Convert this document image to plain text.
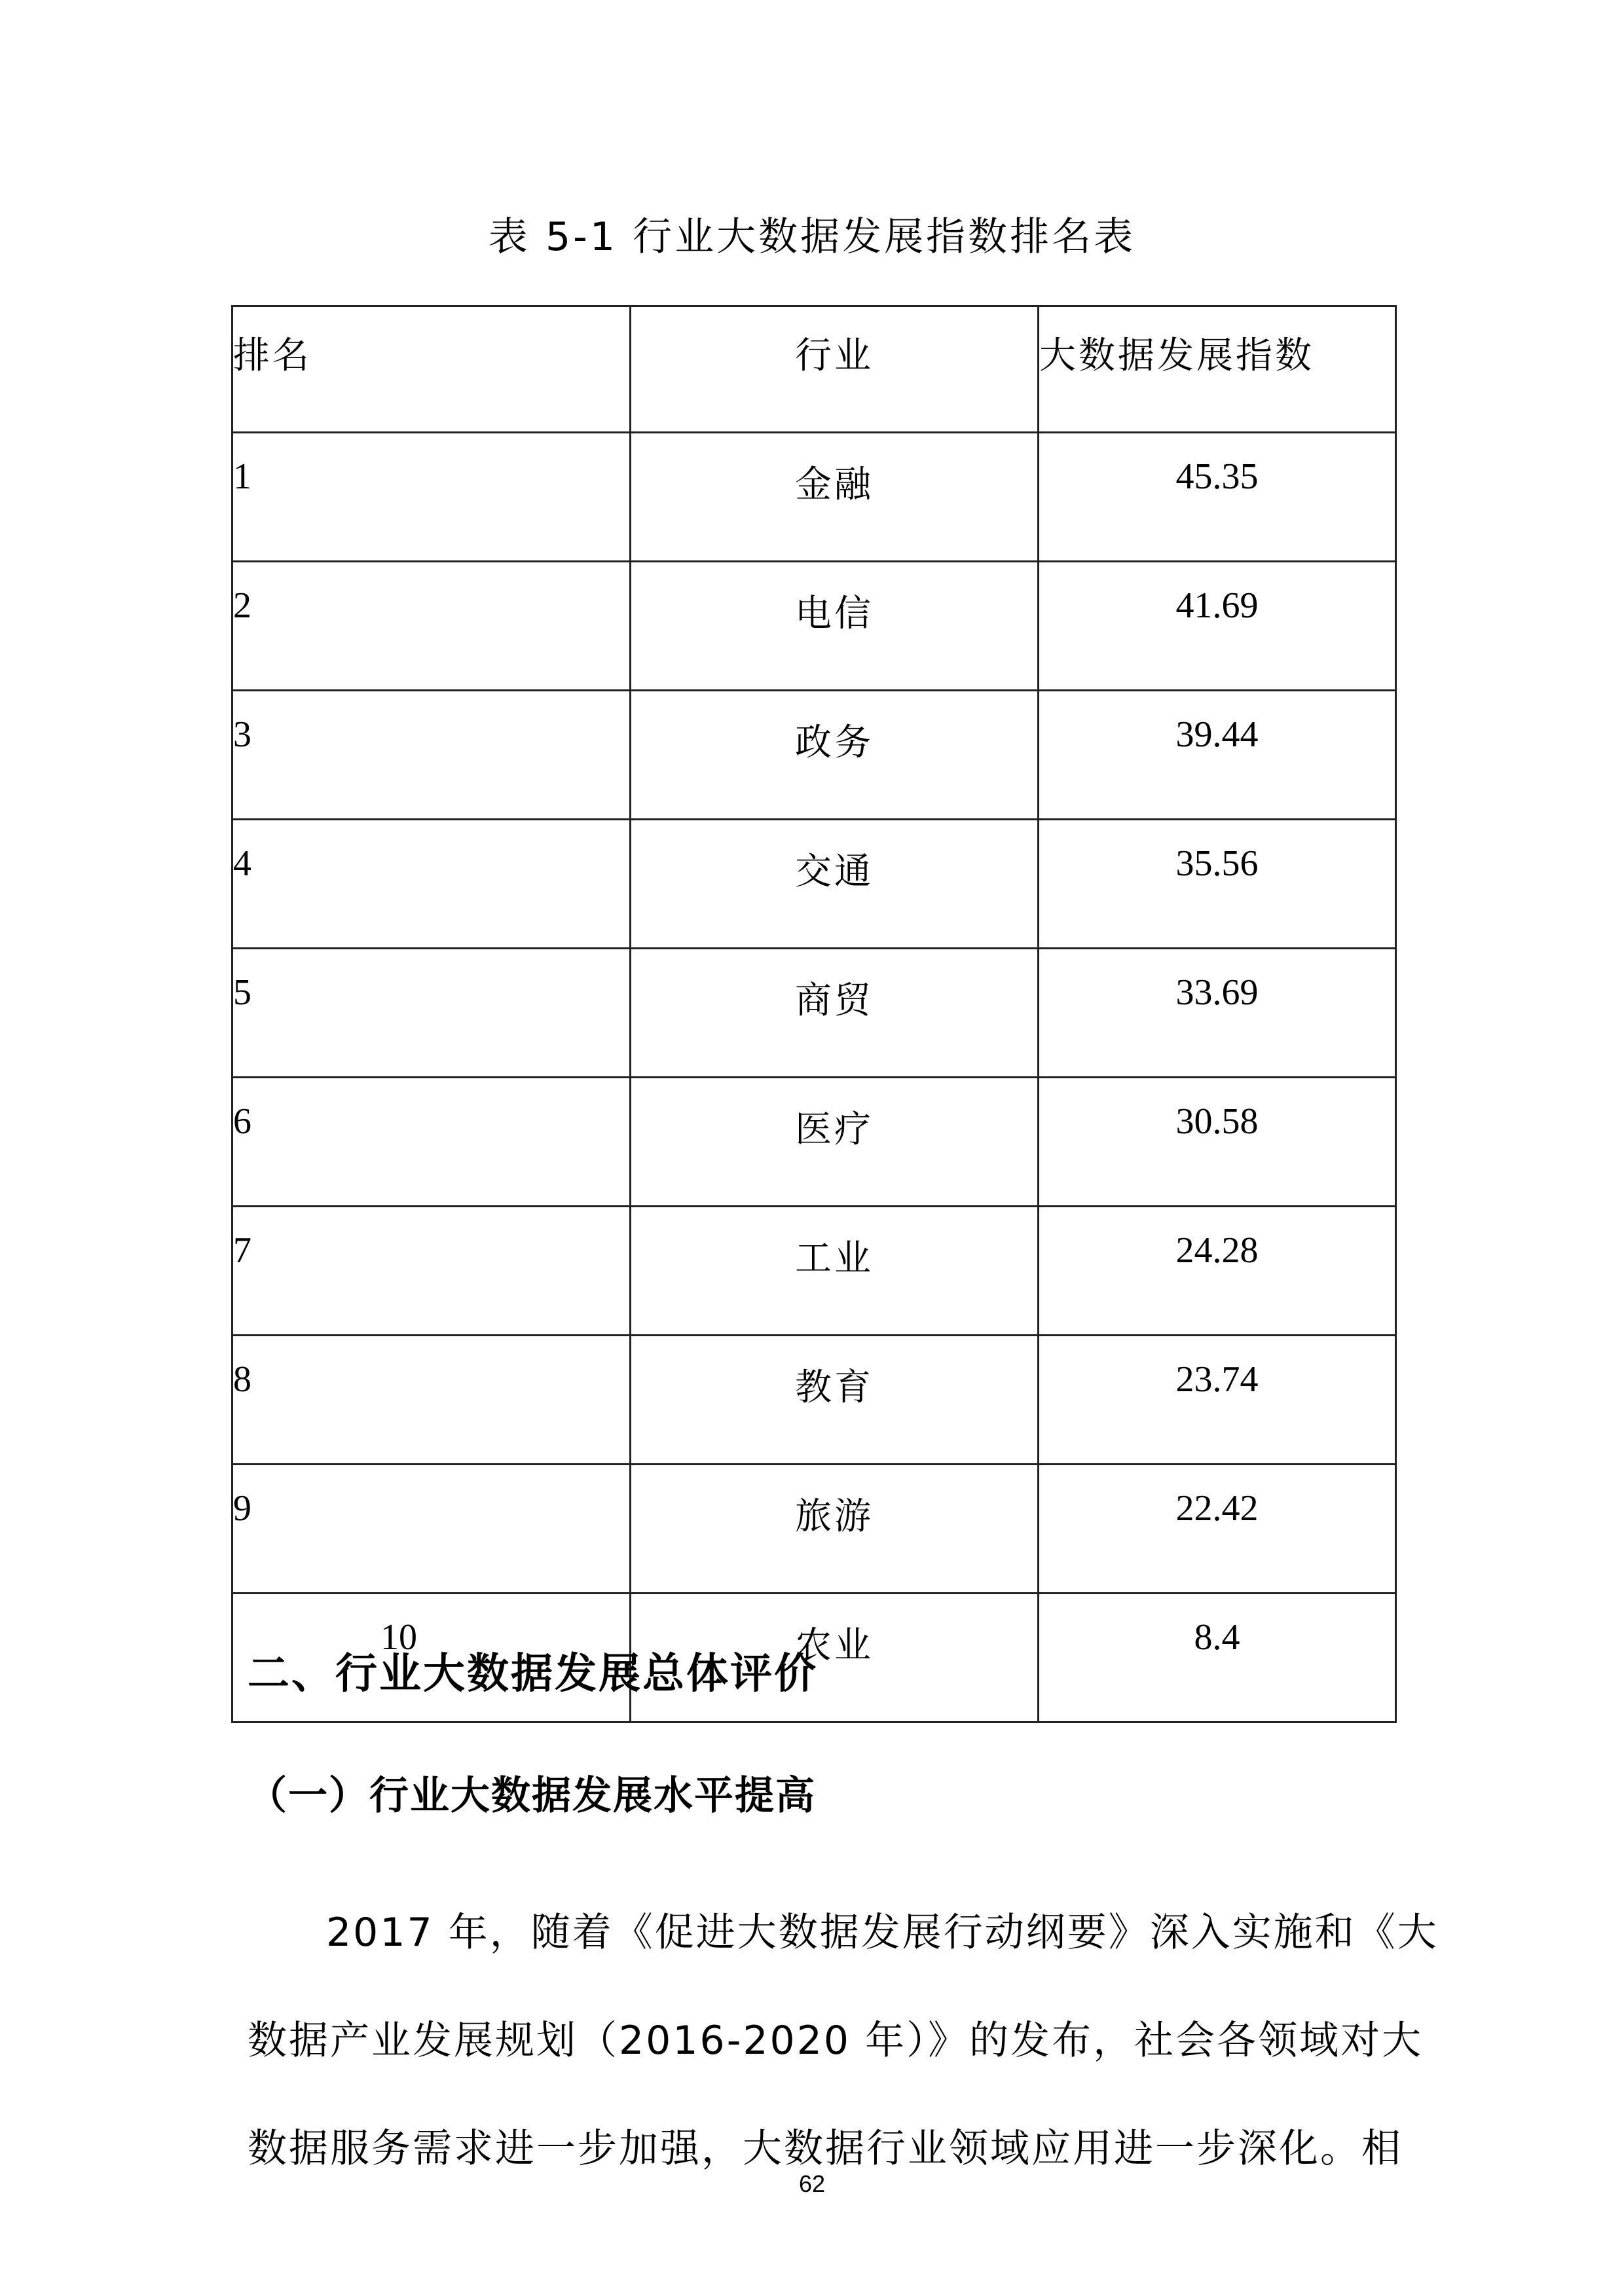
表 5-1 行业大数据发展指数排名表
排名	行业	大数据发展指数
1	金融	45.35
2	电信	41.69
3	政务	39.44
4	交通	35.56
5	商贸	33.69
6	医疗	30.58
7	工业	24.28
8	教育	23.74
9	旅游	22.42
10	农业	8.4
二、行业大数据发展总体评价
（一）行业大数据发展水平提高
2017 年，随着《促进大数据发展行动纲要》深入实施和《大
数据产业发展规划（2016-2020 年）》的发布，社会各领域对大
数据服务需求进一步加强，大数据行业领域应用进一步深化。相
62
